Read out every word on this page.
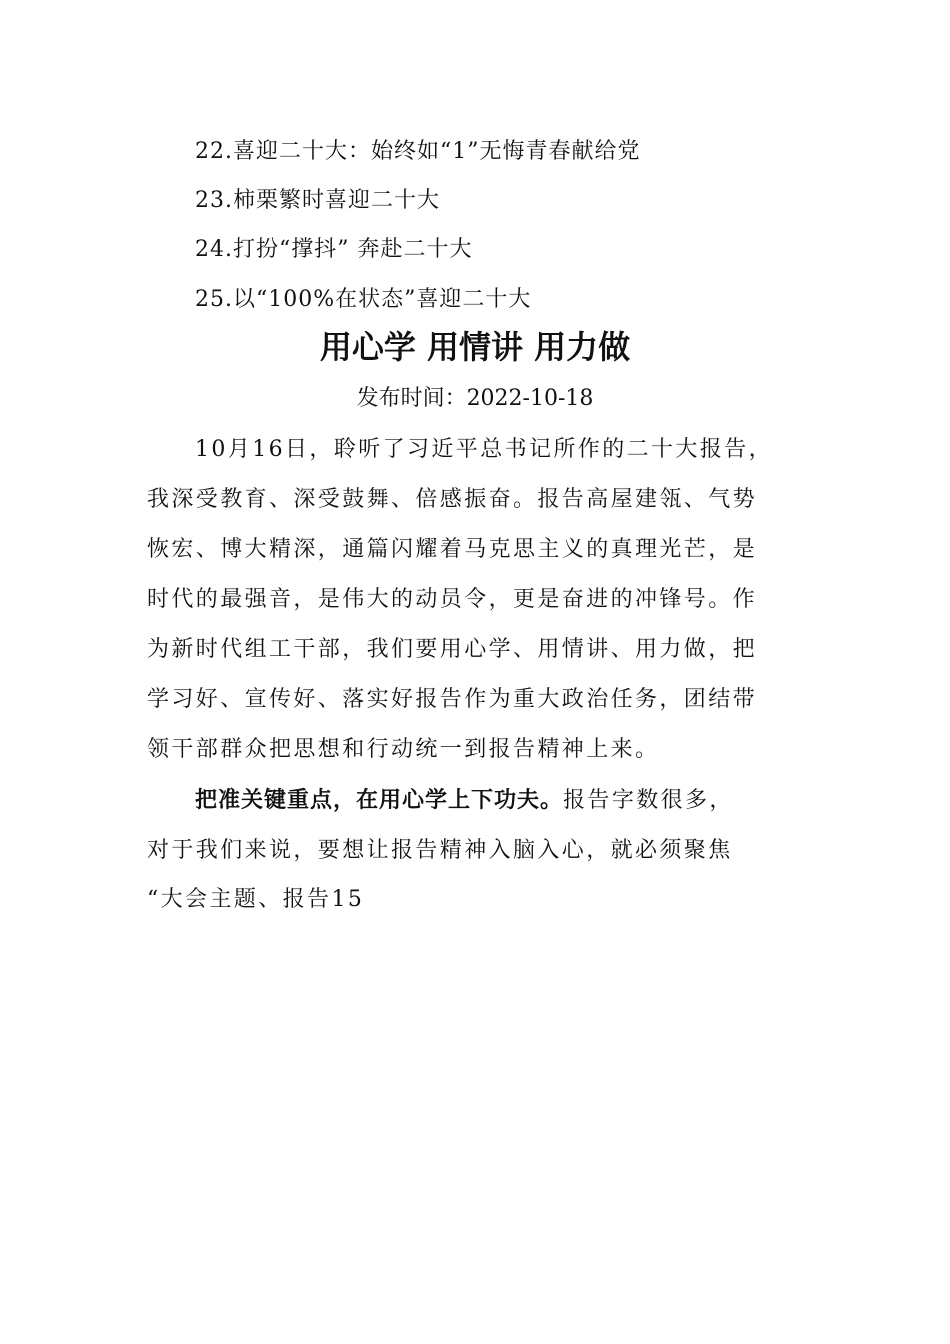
22.喜迎二十大：始终如“1”无悔青春献给党
23.柿栗繁时喜迎二十大
24.打扮“撑抖” 奔赴二十大
25.以“100%在状态”喜迎二十大
用心学 用情讲 用力做
发布时间：2022-10-18
10月16日，聆听了习近平总书记所作的二十大报告，
我深受教育、深受鼓舞、倍感振奋。报告高屋建瓴、气势
恢宏、博大精深，通篇闪耀着马克思主义的真理光芒，是
时代的最强音，是伟大的动员令，更是奋进的冲锋号。作
为新时代组工干部，我们要用心学、用情讲、用力做，把
学习好、宣传好、落实好报告作为重大政治任务，团结带
领干部群众把思想和行动统一到报告精神上来。
把准关键重点，在用心学上下功夫。报告字数很多，
对于我们来说，要想让报告精神入脑入心，就必须聚焦
“大会主题、报告15
